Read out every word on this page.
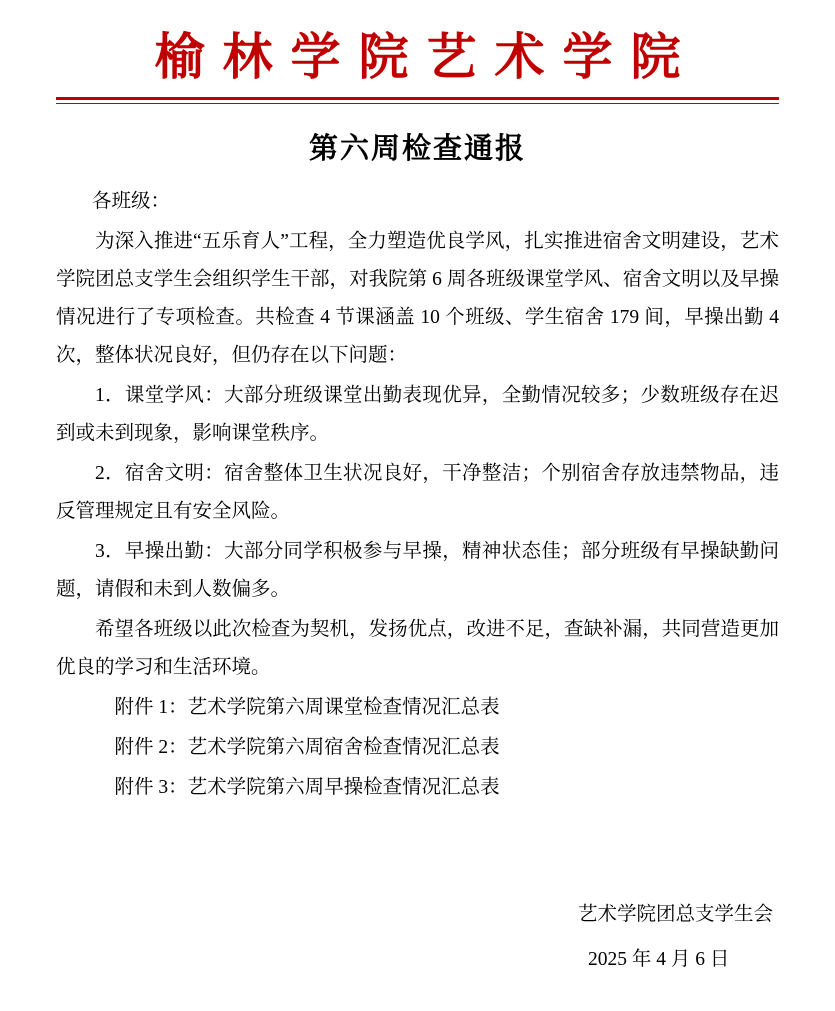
榆林学院艺术学院
第六周检查通报
各班级：
为深入推进“五乐育人”工程，全力塑造优良学风，扎实推进宿舍文明建设，艺术学院团总支学生会组织学生干部，对我院第 6 周各班级课堂学风、宿舍文明以及早操情况进行了专项检查。共检查 4 节课涵盖 10 个班级、学生宿舍 179 间，早操出勤 4 次，整体状况良好，但仍存在以下问题：
1．课堂学风：大部分班级课堂出勤表现优异，全勤情况较多；少数班级存在迟到或未到现象，影响课堂秩序。
2．宿舍文明：宿舍整体卫生状况良好，干净整洁；个别宿舍存放违禁物品，违反管理规定且有安全风险。
3．早操出勤：大部分同学积极参与早操，精神状态佳；部分班级有早操缺勤问题，请假和未到人数偏多。
希望各班级以此次检查为契机，发扬优点，改进不足，查缺补漏，共同营造更加优良的学习和生活环境。
附件 1：艺术学院第六周课堂检查情况汇总表
附件 2：艺术学院第六周宿舍检查情况汇总表
附件 3：艺术学院第六周早操检查情况汇总表
艺术学院团总支学生会
2025 年 4 月 6 日
